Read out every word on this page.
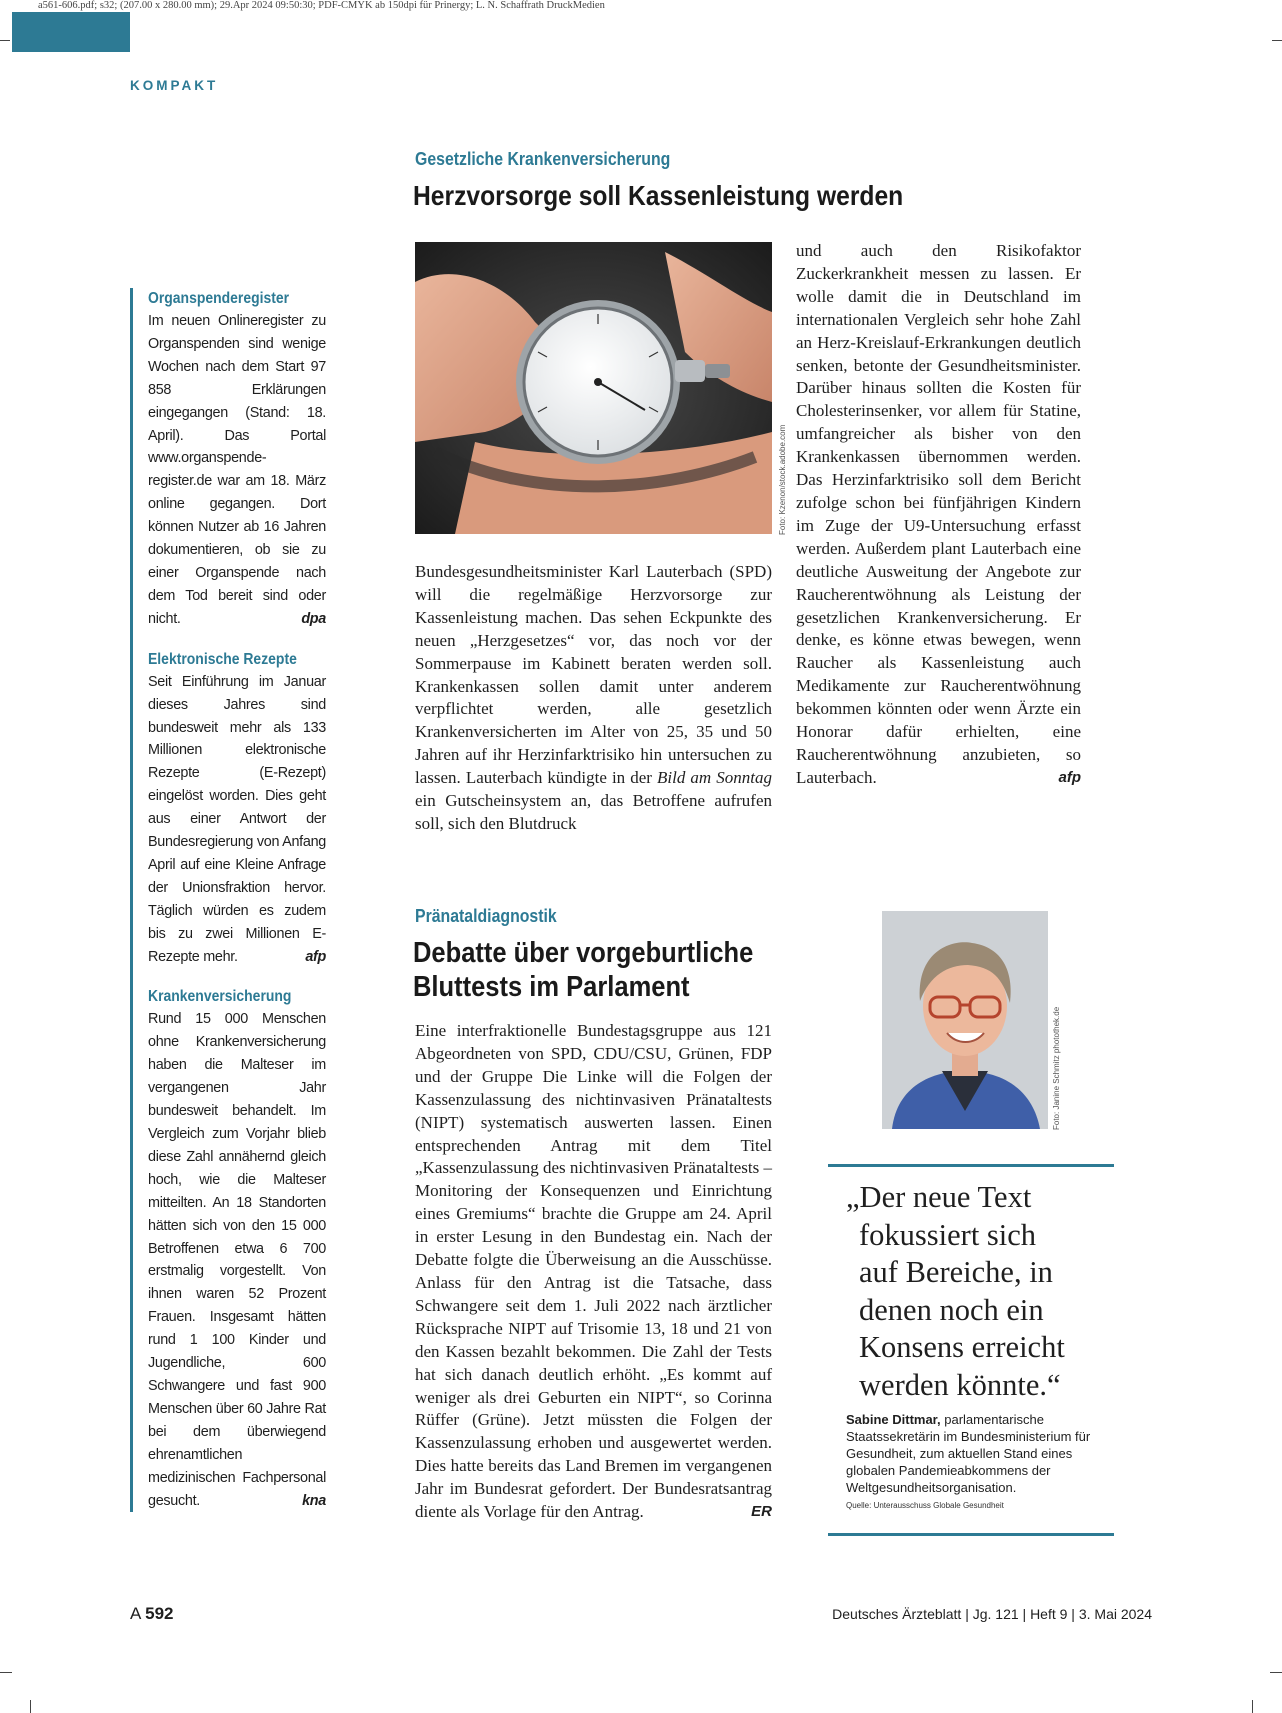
a561-606.pdf; s32; (207.00 x 280.00 mm); 29.Apr 2024 09:50:30; PDF-CMYK ab 150dpi für Prinergy; L. N. Schaffrath DruckMedien
KOMPAKT
Gesetzliche Krankenversicherung
Herzvorsorge soll Kassenleistung werden
Foto: Kzenon/stock.adobe.com
Bundesgesundheitsminister Karl Lauterbach (SPD) will die regelmäßige Herzvorsorge zur Kassenleistung machen. Das sehen Eckpunkte des neuen „Herzgesetzes“ vor, das noch vor der Sommerpause im Kabinett beraten werden soll. Krankenkassen sollen damit unter anderem verpflichtet werden, alle gesetzlich Krankenversicherten im Alter von 25, 35 und 50 Jahren auf ihr Herzinfarktrisiko hin untersuchen zu lassen. Lauterbach kündigte in der Bild am Sonntag ein Gutscheinsystem an, das Betroffene aufrufen soll, sich den Blutdruck
und auch den Risikofaktor Zuckerkrankheit messen zu lassen. Er wolle damit die in Deutschland im internationalen Vergleich sehr hohe Zahl an Herz-Kreislauf-Erkrankungen deutlich senken, betonte der Gesundheitsminister. Darüber hinaus sollten die Kosten für Cholesterinsenker, vor allem für Statine, umfangreicher als bisher von den Krankenkassen übernommen werden. Das Herzinfarktrisiko soll dem Bericht zufolge schon bei fünfjährigen Kindern im Zuge der U9-Untersuchung erfasst werden. Außerdem plant Lauterbach eine deutliche Ausweitung der Angebote zur Raucherentwöhnung als Leistung der gesetzlichen Krankenversicherung. Er denke, es könne etwas bewegen, wenn Raucher als Kassenleistung auch Medikamente zur Raucherentwöhnung bekommen könnten oder wenn Ärzte ein Honorar dafür erhielten, eine Raucherentwöhnung anzubieten, so Lauterbach.	afp
Organspenderegister
Im neuen Onlineregister zu Organspenden sind wenige Wochen nach dem Start 97 858 Erklärungen eingegangen (Stand: 18. April). Das Portal www.organspende-register.de war am 18. März online gegangen. Dort können Nutzer ab 16 Jahren dokumentieren, ob sie zu einer Organspende nach dem Tod bereit sind oder nicht.	dpa
Elektronische Rezepte
Seit Einführung im Januar dieses Jahres sind bundesweit mehr als 133 Millionen elektronische Rezepte (E-Rezept) eingelöst worden. Dies geht aus einer Antwort der Bundesregierung von Anfang April auf eine Kleine Anfrage der Unionsfraktion hervor. Täglich würden es zudem bis zu zwei Millionen E-Rezepte mehr.	afp
Krankenversicherung
Rund 15 000 Menschen ohne Krankenversicherung haben die Malteser im vergangenen Jahr bundesweit behandelt. Im Vergleich zum Vorjahr blieb diese Zahl annähernd gleich hoch, wie die Malteser mitteilten. An 18 Standorten hätten sich von den 15 000 Betroffenen etwa 6 700 erstmalig vorgestellt. Von ihnen waren 52 Prozent Frauen. Insgesamt hätten rund 1 100 Kinder und Jugendliche, 600 Schwangere und fast 900 Menschen über 60 Jahre Rat bei dem überwiegend ehrenamtlichen medizinischen Fachpersonal gesucht.	kna
Pränataldiagnostik
Debatte über vorgeburtliche
Bluttests im Parlament
Eine interfraktionelle Bundestagsgruppe aus 121 Abgeordneten von SPD, CDU/CSU, Grünen, FDP und der Gruppe Die Linke will die Folgen der Kassenzulassung des nichtinvasiven Pränataltests (NIPT) systematisch auswerten lassen. Einen entsprechenden Antrag mit dem Titel „Kassenzulassung des nichtinvasiven Pränataltests – Monitoring der Konsequenzen und Einrichtung eines Gremiums“ brachte die Gruppe am 24. April in erster Lesung in den Bundestag ein. Nach der Debatte folgte die Überweisung an die Ausschüsse. Anlass für den Antrag ist die Tatsache, dass Schwangere seit dem 1. Juli 2022 nach ärztlicher Rücksprache NIPT auf Trisomie 13, 18 und 21 von den Kassen bezahlt bekommen. Die Zahl der Tests hat sich danach deutlich erhöht. „Es kommt auf weniger als drei Geburten ein NIPT“, so Corinna Rüffer (Grüne). Jetzt müssten die Folgen der Kassenzulassung erhoben und ausgewertet werden. Dies hatte bereits das Land Bremen im vergangenen Jahr im Bundesrat gefordert. Der Bundesratsantrag diente als Vorlage für den Antrag.	ER
Foto: Janine Schmitz photothek.de
„Der neue Text
fokussiert sich
auf Bereiche, in
denen noch ein
Konsens erreicht
werden könnte.“
Sabine Dittmar, parlamentarische Staatssekretärin im Bundesministerium für Gesundheit, zum aktuellen Stand eines globalen Pandemieabkommens der Weltgesundheitsorganisation.
Quelle: Unterausschuss Globale Gesundheit
A 592	Deutsches Ärzteblatt | Jg. 121 | Heft 9 | 3. Mai 2024
